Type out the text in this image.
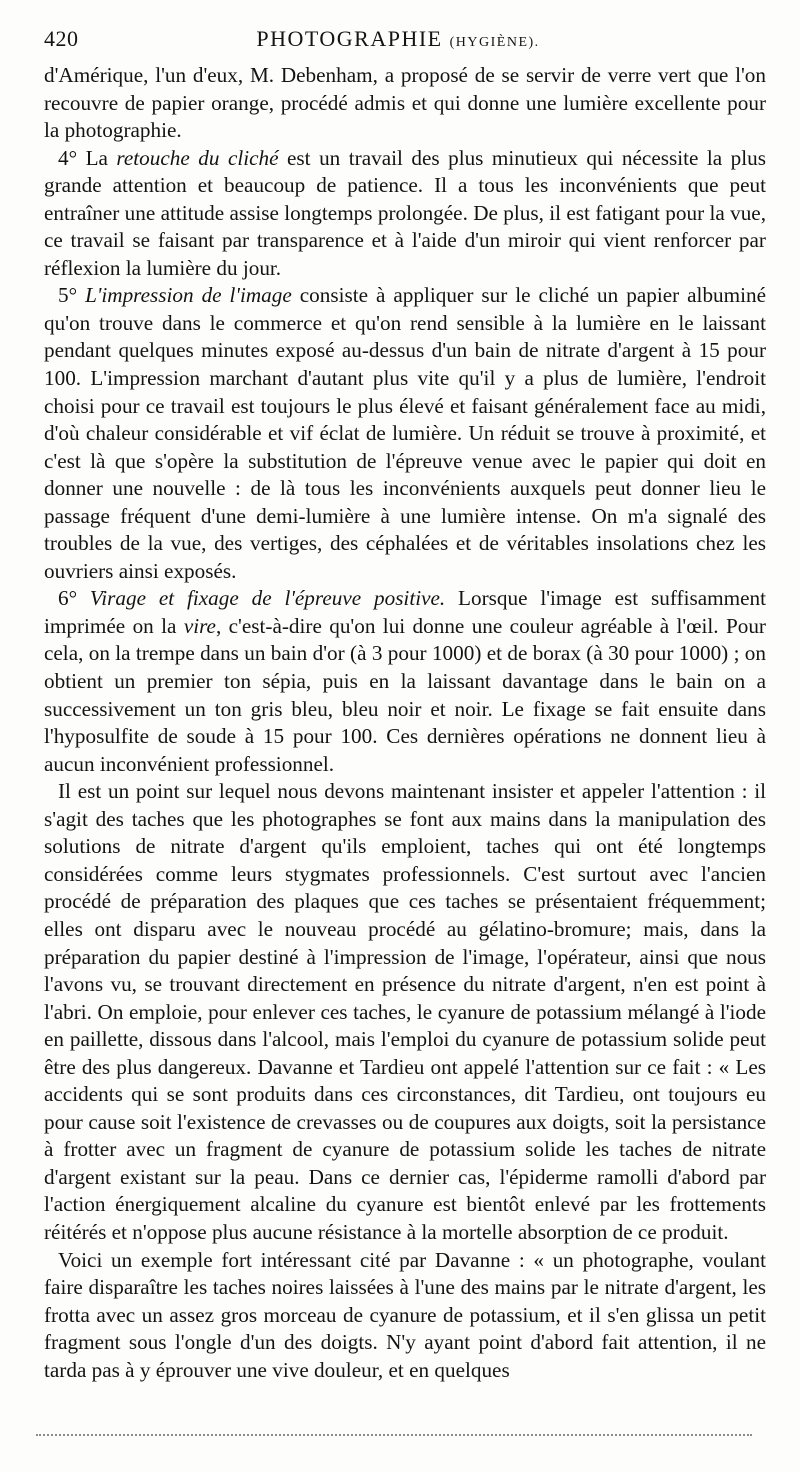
420	PHOTOGRAPHIE (HYGIÈNE).

d'Amérique, l'un d'eux, M. Debenham, a proposé de se servir de verre vert que l'on recouvre de papier orange, procédé admis et qui donne une lumière excellente pour la photographie.

4° La retouche du cliché est un travail des plus minutieux qui nécessite la plus grande attention et beaucoup de patience. Il a tous les inconvénients que peut entraîner une attitude assise longtemps prolongée. De plus, il est fatigant pour la vue, ce travail se faisant par transparence et à l'aide d'un miroir qui vient renforcer par réflexion la lumière du jour.

5° L'impression de l'image consiste à appliquer sur le cliché un papier albuminé qu'on trouve dans le commerce et qu'on rend sensible à la lumière en le laissant pendant quelques minutes exposé au-dessus d'un bain de nitrate d'argent à 15 pour 100. L'impression marchant d'autant plus vite qu'il y a plus de lumière, l'endroit choisi pour ce travail est toujours le plus élevé et faisant généralement face au midi, d'où chaleur considérable et vif éclat de lumière. Un réduit se trouve à proximité, et c'est là que s'opère la substitution de l'épreuve venue avec le papier qui doit en donner une nouvelle : de là tous les inconvénients auxquels peut donner lieu le passage fréquent d'une demi-lumière à une lumière intense. On m'a signalé des troubles de la vue, des vertiges, des céphalées et de véritables insolations chez les ouvriers ainsi exposés.

6° Virage et fixage de l'épreuve positive. Lorsque l'image est suffisamment imprimée on la vire, c'est-à-dire qu'on lui donne une couleur agréable à l'œil. Pour cela, on la trempe dans un bain d'or (à 3 pour 1000) et de borax (à 30 pour 1000) ; on obtient un premier ton sépia, puis en la laissant davantage dans le bain on a successivement un ton gris bleu, bleu noir et noir. Le fixage se fait ensuite dans l'hyposulfite de soude à 15 pour 100. Ces dernières opérations ne donnent lieu à aucun inconvénient professionnel.

Il est un point sur lequel nous devons maintenant insister et appeler l'attention : il s'agit des taches que les photographes se font aux mains dans la manipulation des solutions de nitrate d'argent qu'ils emploient, taches qui ont été longtemps considérées comme leurs stygmates professionnels. C'est surtout avec l'ancien procédé de préparation des plaques que ces taches se présentaient fréquemment; elles ont disparu avec le nouveau procédé au gélatino-bromure; mais, dans la préparation du papier destiné à l'impression de l'image, l'opérateur, ainsi que nous l'avons vu, se trouvant directement en présence du nitrate d'argent, n'en est point à l'abri. On emploie, pour enlever ces taches, le cyanure de potassium mélangé à l'iode en paillette, dissous dans l'alcool, mais l'emploi du cyanure de potassium solide peut être des plus dangereux. Davanne et Tardieu ont appelé l'attention sur ce fait : « Les accidents qui se sont produits dans ces circonstances, dit Tardieu, ont toujours eu pour cause soit l'existence de crevasses ou de coupures aux doigts, soit la persistance à frotter avec un fragment de cyanure de potassium solide les taches de nitrate d'argent existant sur la peau. Dans ce dernier cas, l'épiderme ramolli d'abord par l'action énergiquement alcaline du cyanure est bientôt enlevé par les frottements réitérés et n'oppose plus aucune résistance à la mortelle absorption de ce produit.

Voici un exemple fort intéressant cité par Davanne : « un photographe, voulant faire disparaître les taches noires laissées à l'une des mains par le nitrate d'argent, les frotta avec un assez gros morceau de cyanure de potassium, et il s'en glissa un petit fragment sous l'ongle d'un des doigts. N'y ayant point d'abord fait attention, il ne tarda pas à y éprouver une vive douleur, et en quelques
